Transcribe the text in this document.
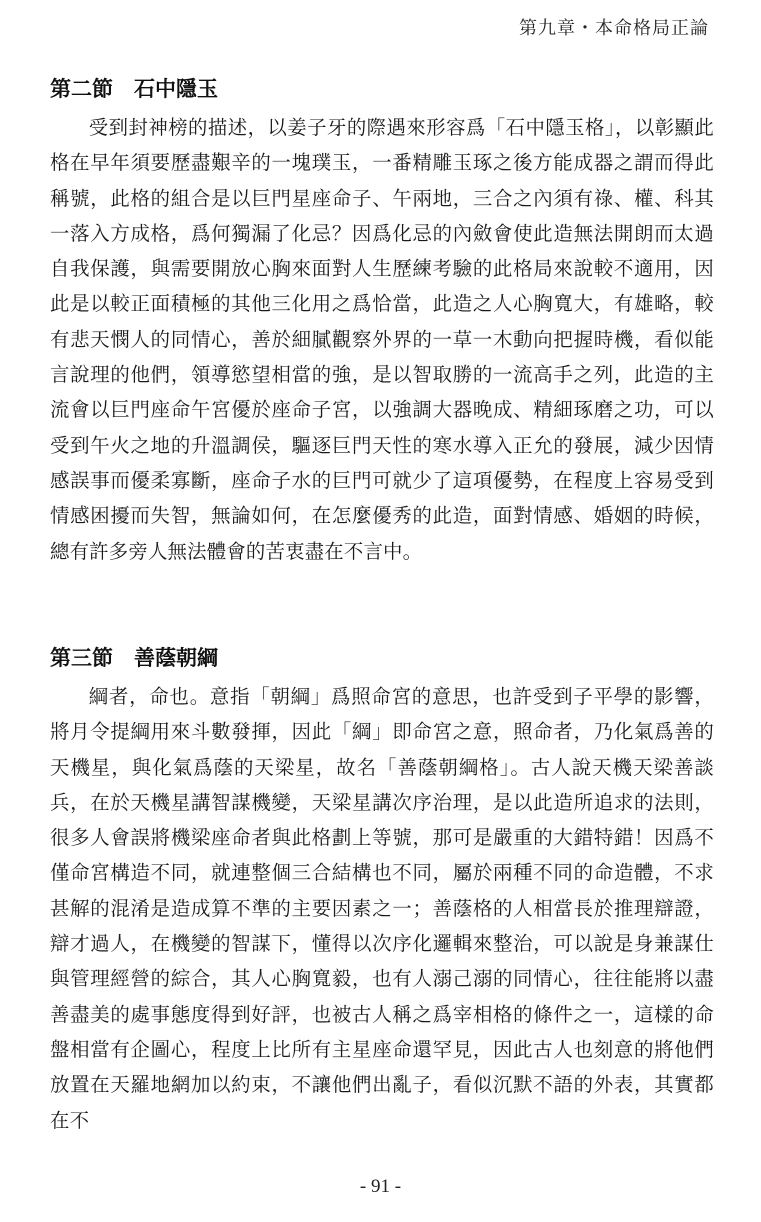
第九章・本命格局正論
第二節　石中隱玉

受到封神榜的描述，以姜子牙的際遇來形容爲「石中隱玉格」，以彰顯此格在早年須要歷盡艱辛的一塊璞玉，一番精雕玉琢之後方能成器之謂而得此稱號，此格的組合是以巨門星座命子、午兩地，三合之內須有祿、權、科其一落入方成格，爲何獨漏了化忌？因爲化忌的內斂會使此造無法開朗而太過自我保護，與需要開放心胸來面對人生歷練考驗的此格局來說較不適用，因此是以較正面積極的其他三化用之爲恰當，此造之人心胸寬大，有雄略，較有悲天憫人的同情心，善於細膩觀察外界的一草一木動向把握時機，看似能言說理的他們，領導慾望相當的強，是以智取勝的一流高手之列，此造的主流會以巨門座命午宮優於座命子宮，以強調大器晚成、精細琢磨之功，可以受到午火之地的升溫調侯，驅逐巨門天性的寒水導入正允的發展，減少因情感誤事而優柔寡斷，座命子水的巨門可就少了這項優勢，在程度上容易受到情感困擾而失智，無論如何，在怎麼優秀的此造，面對情感、婚姻的時候，總有許多旁人無法體會的苦衷盡在不言中。

第三節　善蔭朝綱

綱者，命也。意指「朝綱」爲照命宮的意思，也許受到子平學的影響，將月令提綱用來斗數發揮，因此「綱」即命宮之意，照命者，乃化氣爲善的天機星，與化氣爲蔭的天梁星，故名「善蔭朝綱格」。古人說天機天梁善談兵，在於天機星講智謀機變，天梁星講次序治理，是以此造所追求的法則，很多人會誤將機梁座命者與此格劃上等號，那可是嚴重的大錯特錯！因爲不僅命宮構造不同，就連整個三合結構也不同，屬於兩種不同的命造體，不求甚解的混淆是造成算不準的主要因素之一；善蔭格的人相當長於推理辯證，辯才過人，在機變的智謀下，懂得以次序化邏輯來整治，可以說是身兼謀仕與管理經營的綜合，其人心胸寬毅，也有人溺己溺的同情心，往往能將以盡善盡美的處事態度得到好評，也被古人稱之爲宰相格的條件之一，這樣的命盤相當有企圖心，程度上比所有主星座命還罕見，因此古人也刻意的將他們放置在天羅地網加以約束，不讓他們出亂子，看似沉默不語的外表，其實都在不

- 91 -
